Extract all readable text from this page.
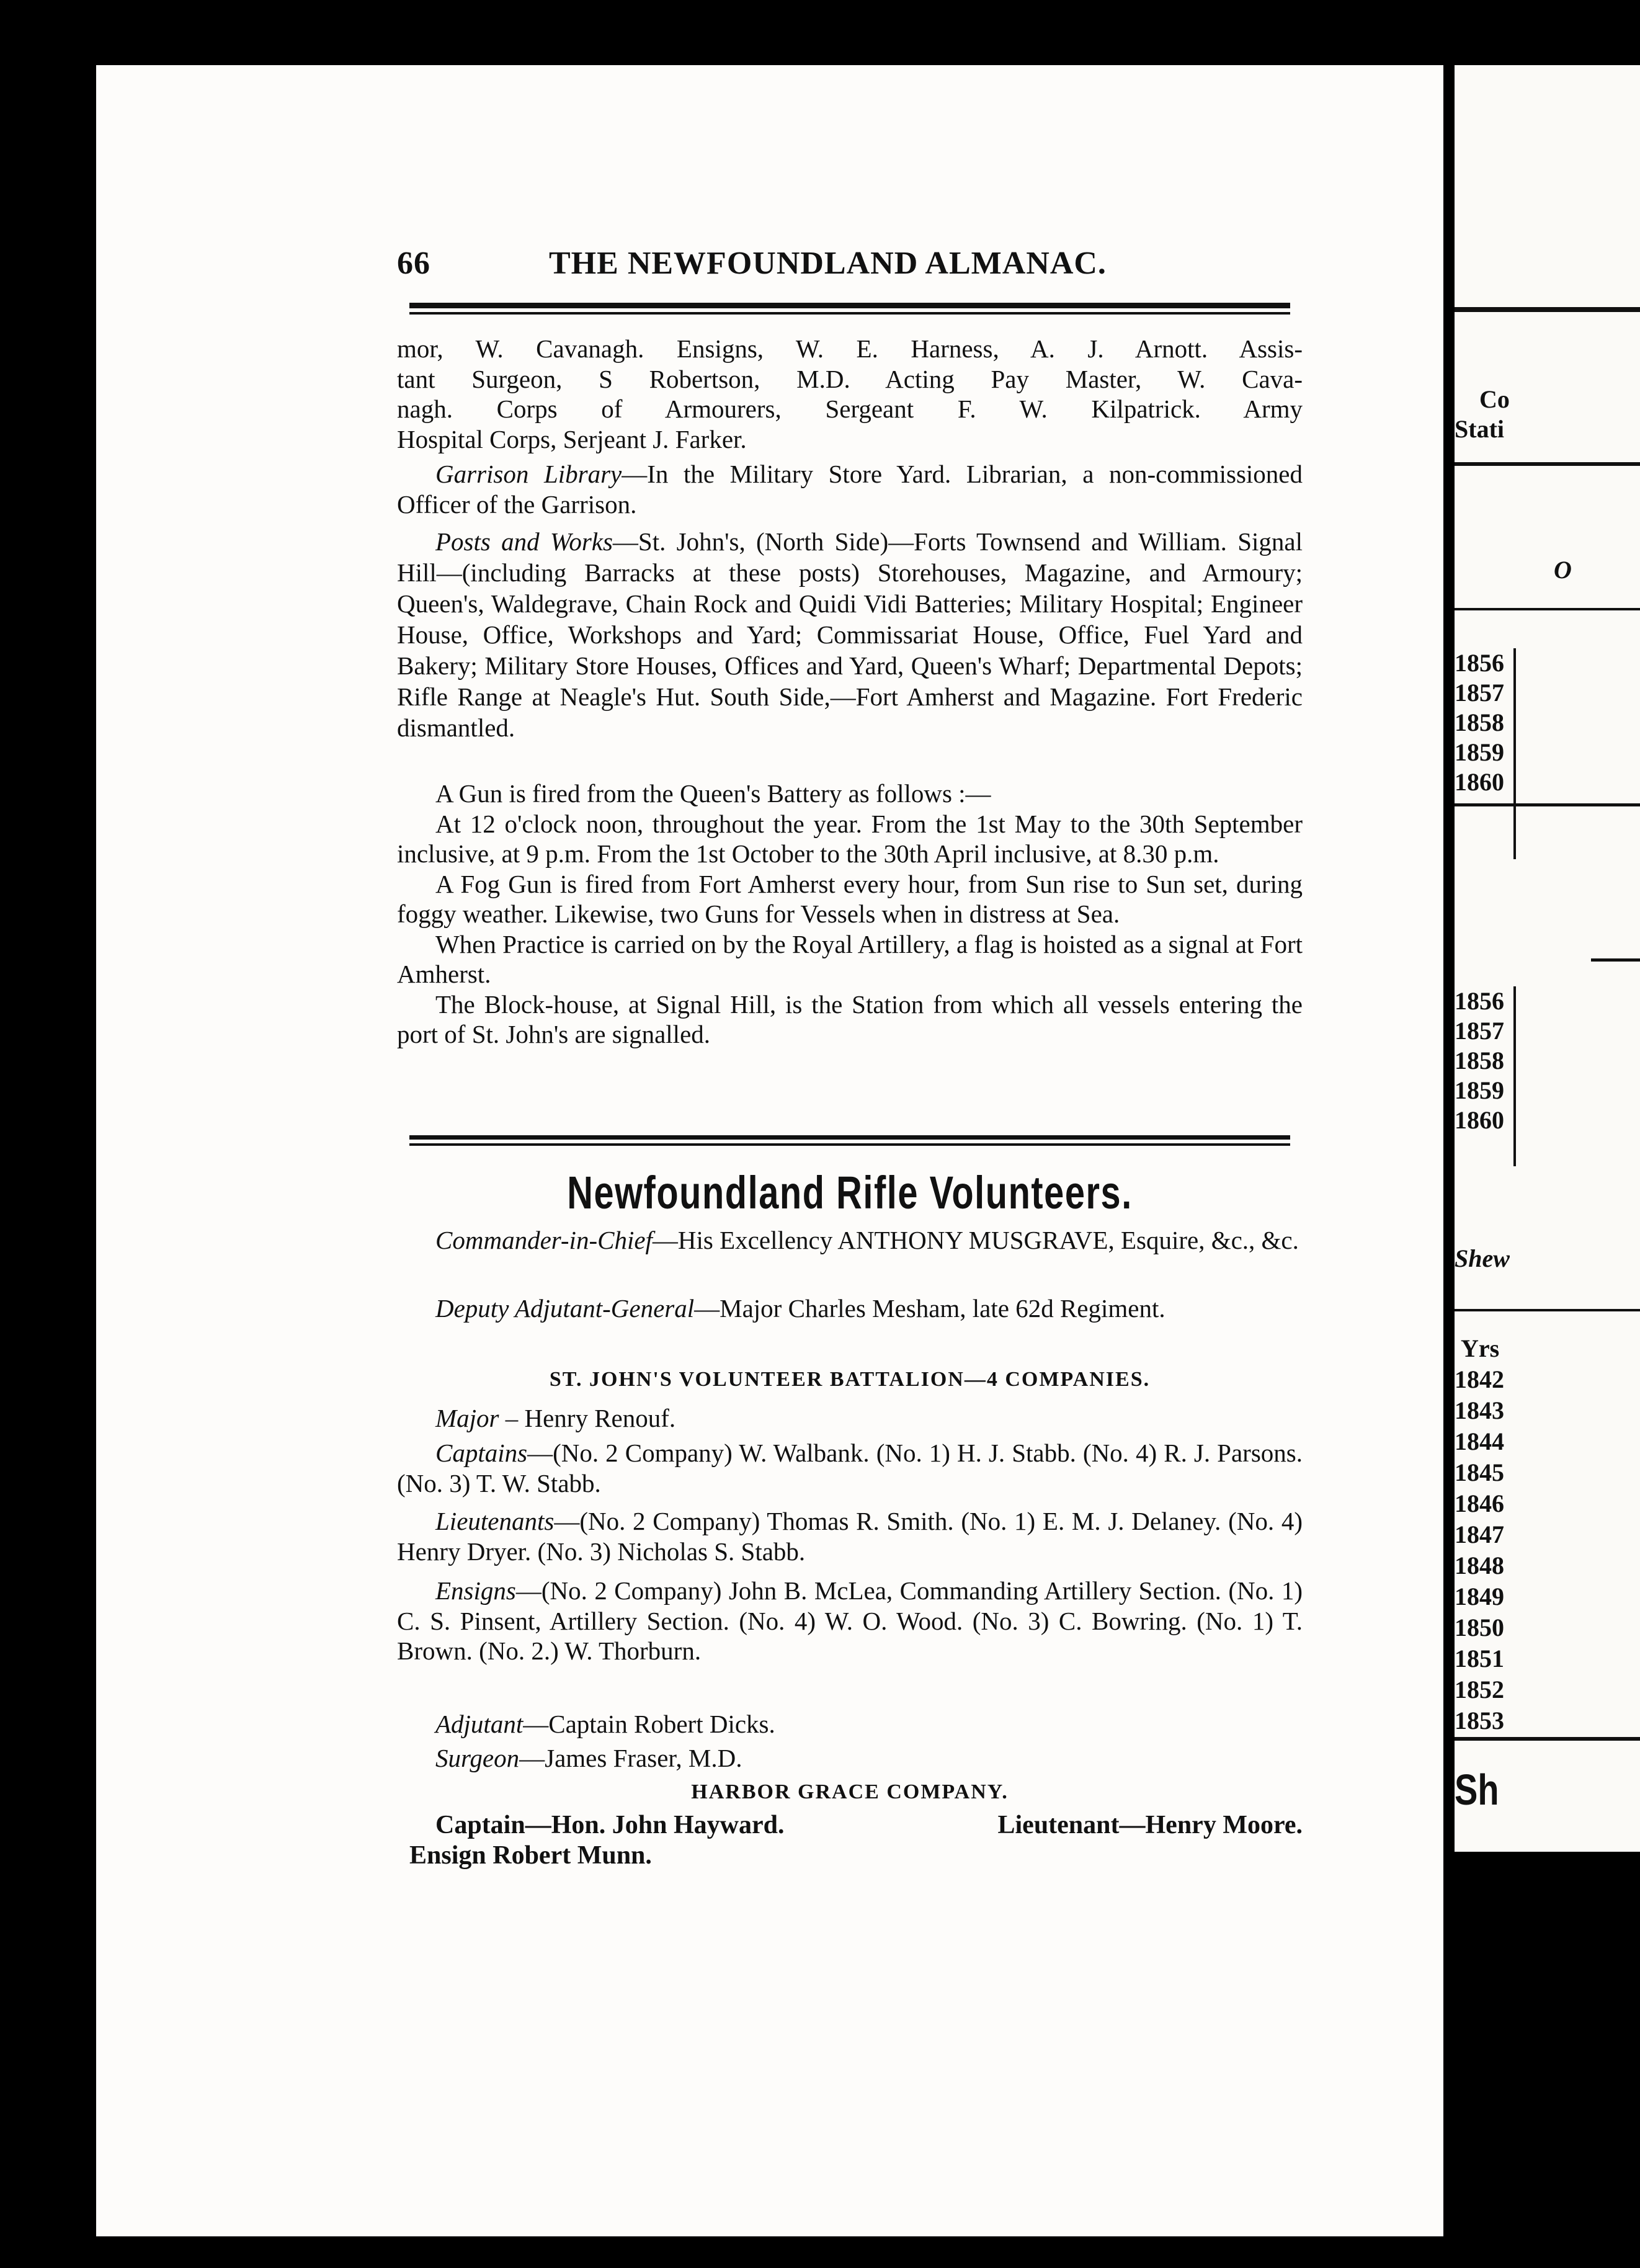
66	THE NEWFOUNDLAND ALMANAC.
mor, W. Cavanagh. Ensigns, W. E. Harness, A. J. Arnott. Assis-
tant Surgeon, S Robertson, M.D. Acting Pay Master, W. Cava-
nagh. Corps of Armourers, Sergeant F. W. Kilpatrick. Army
Hospital Corps, Serjeant J. Farker.
Garrison Library—In the Military Store Yard. Librarian, a non-commissioned Officer of the Garrison.
Posts and Works—St. John's, (North Side)—Forts Townsend and William. Signal Hill—(including Barracks at these posts) Storehouses, Magazine, and Armoury; Queen's, Waldegrave, Chain Rock and Quidi Vidi Batteries; Military Hospital; Engineer House, Office, Workshops and Yard; Commissariat House, Office, Fuel Yard and Bakery; Military Store Houses, Offices and Yard, Queen's Wharf; Departmental Depots; Rifle Range at Neagle's Hut. South Side,—Fort Amherst and Magazine. Fort Frederic dismantled.
A Gun is fired from the Queen's Battery as follows :—
At 12 o'clock noon, throughout the year. From the 1st May to the 30th September inclusive, at 9 p.m. From the 1st October to the 30th April inclusive, at 8.30 p.m.
A Fog Gun is fired from Fort Amherst every hour, from Sun rise to Sun set, during foggy weather. Likewise, two Guns for Vessels when in distress at Sea.
When Practice is carried on by the Royal Artillery, a flag is hoisted as a signal at Fort Amherst.
The Block-house, at Signal Hill, is the Station from which all vessels entering the port of St. John's are signalled.
Newfoundland Rifle Volunteers.
Commander-in-Chief—His Excellency ANTHONY MUSGRAVE, Esquire, &c., &c.
Deputy Adjutant-General—Major Charles Mesham, late 62d Regiment.
ST. JOHN'S VOLUNTEER BATTALION—4 COMPANIES.
Major – Henry Renouf.
Captains—(No. 2 Company) W. Walbank. (No. 1) H. J. Stabb. (No. 4) R. J. Parsons. (No. 3) T. W. Stabb.
Lieutenants—(No. 2 Company) Thomas R. Smith. (No. 1) E. M. J. Delaney. (No. 4) Henry Dryer. (No. 3) Nicholas S. Stabb.
Ensigns—(No. 2 Company) John B. McLea, Commanding Artillery Section. (No. 1) C. S. Pinsent, Artillery Section. (No. 4) W. O. Wood. (No. 3) C. Bowring. (No. 1) T. Brown. (No. 2.) W. Thorburn.
Adjutant—Captain Robert Dicks.
Surgeon—James Fraser, M.D.
HARBOR GRACE COMPANY.
Captain—Hon. John Hayward.	Lieutenant—Henry Moore.
Ensign Robert Munn.
Co
Stati
O
1856
1857
1858
1859
1860
1856
1857
1858
1859
1860
Shew
Yrs
1842
1843
1844
1845
1846
1847
1848
1849
1850
1851
1852
1853
Sh
